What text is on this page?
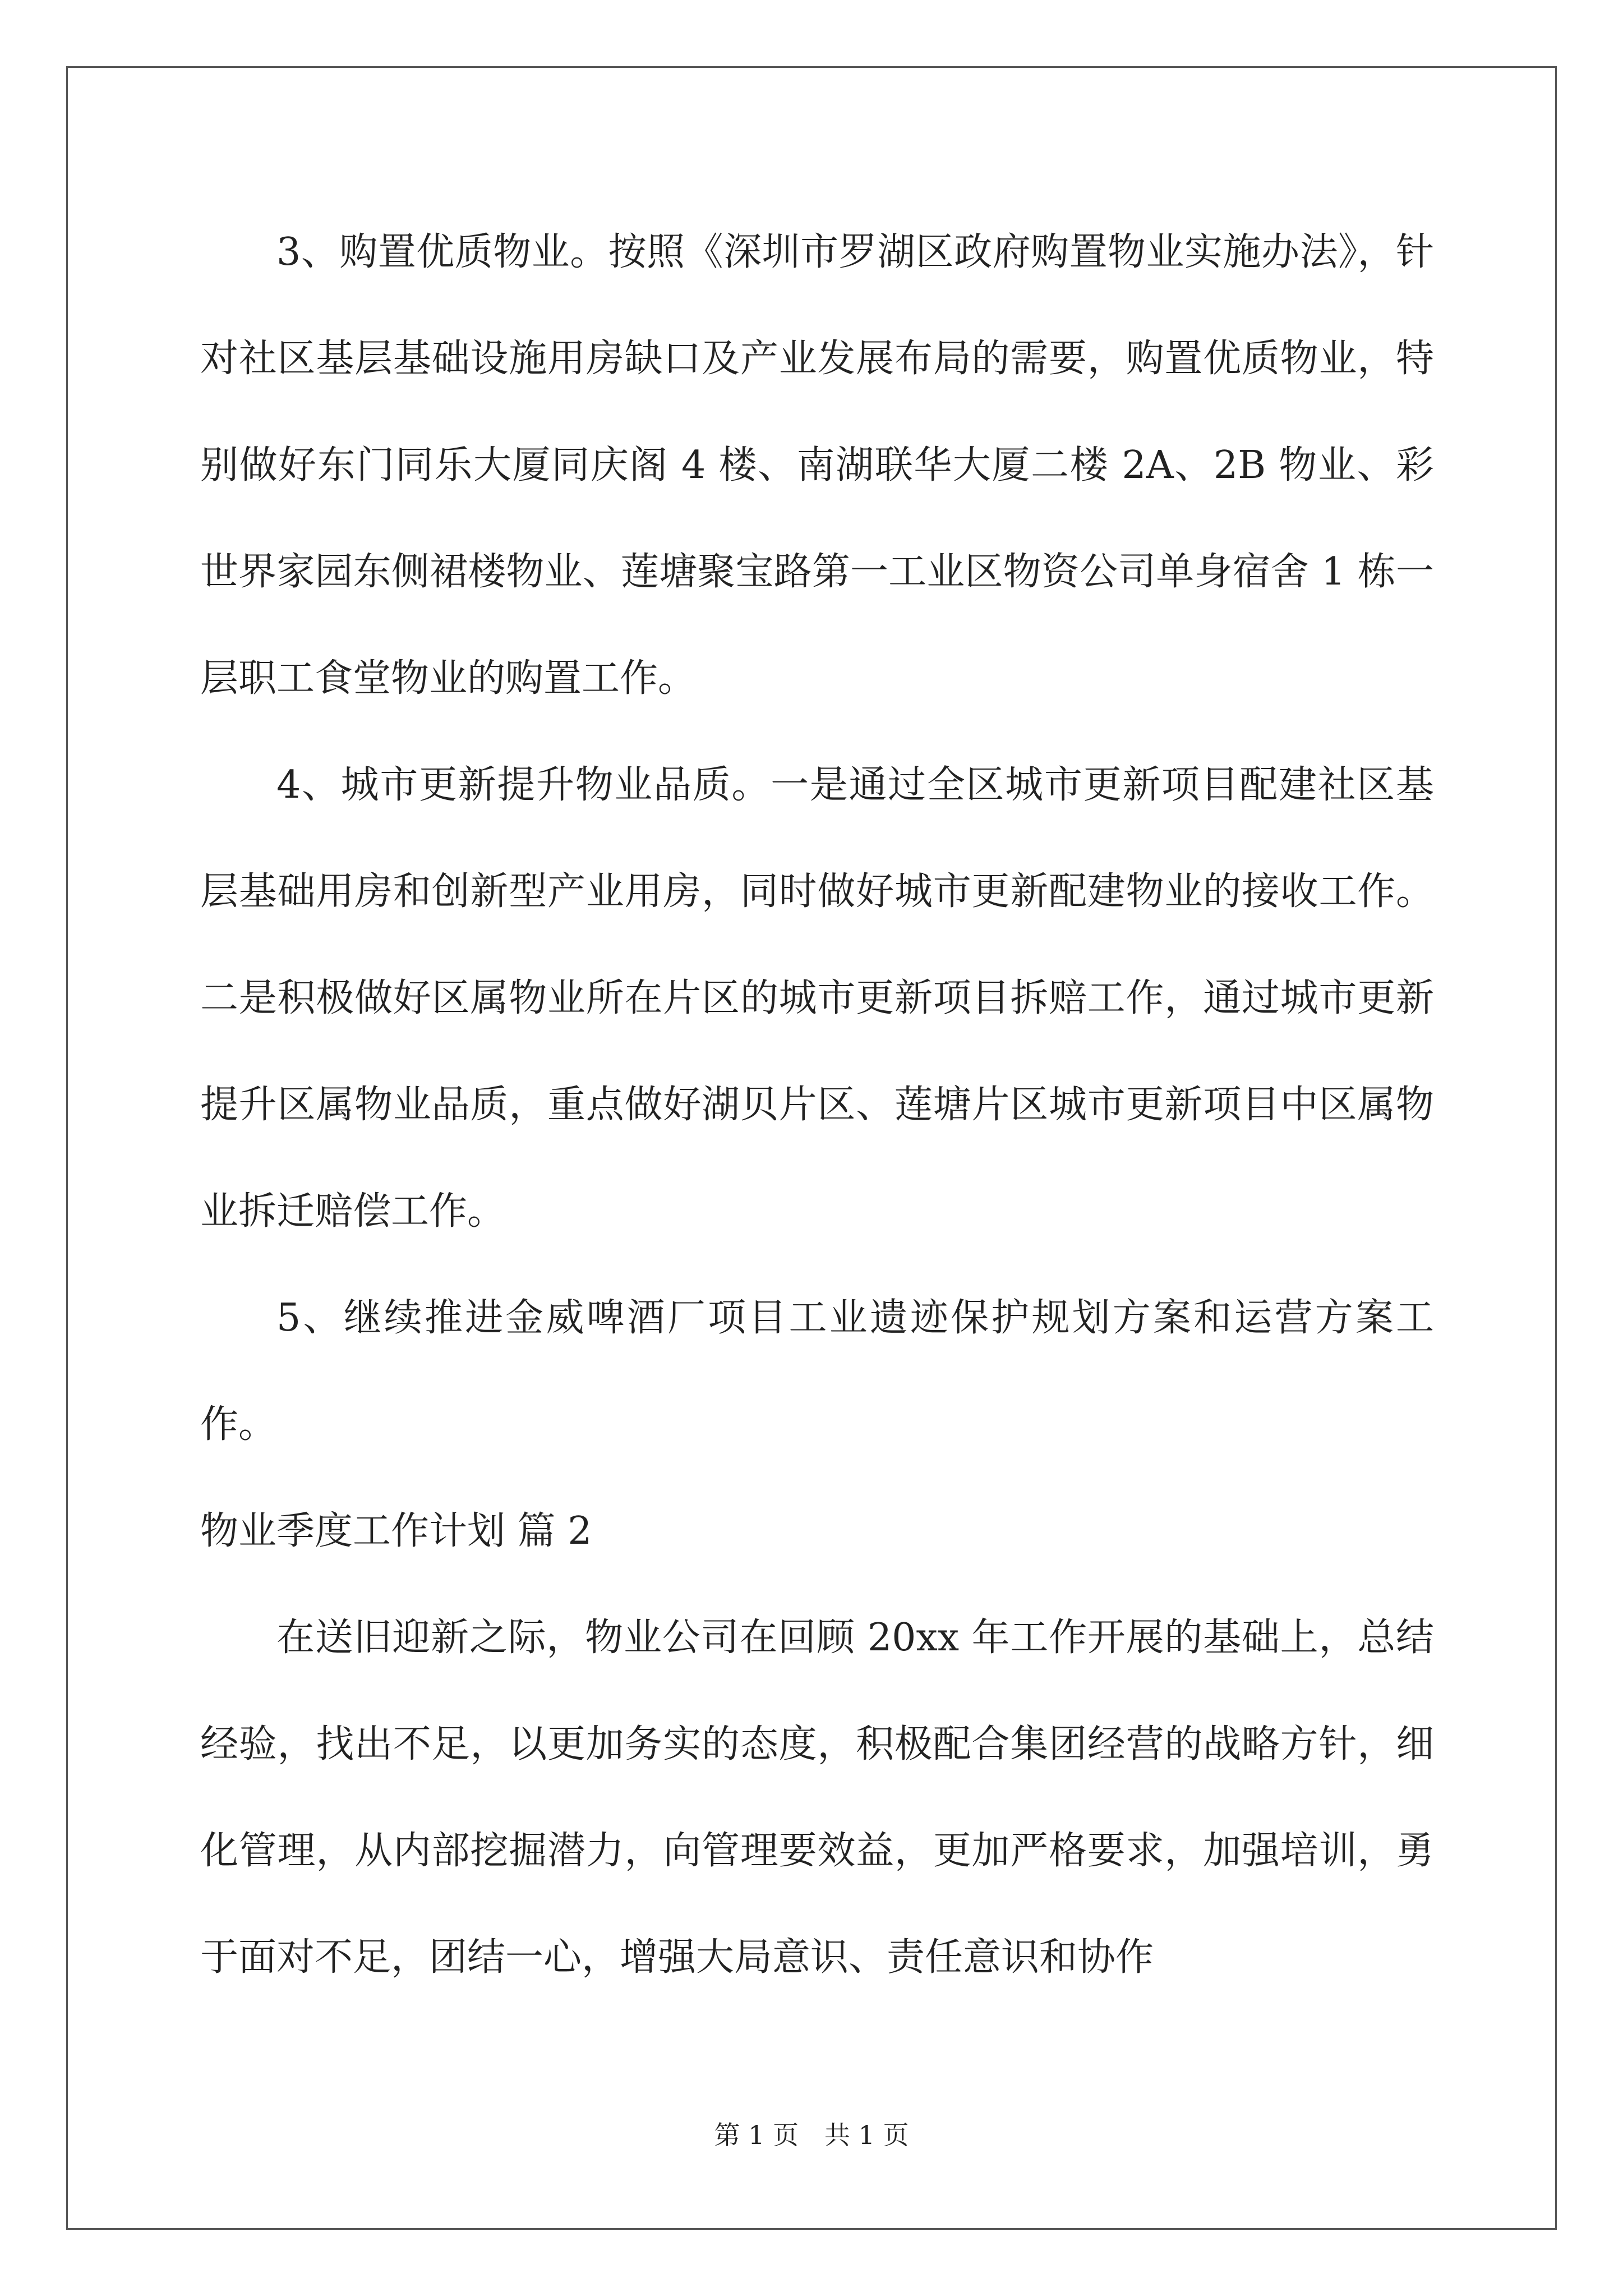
3、购置优质物业。按照《深圳市罗湖区政府购置物业实施办法》，针对社区基层基础设施用房缺口及产业发展布局的需要，购置优质物业，特别做好东门同乐大厦同庆阁 4 楼、南湖联华大厦二楼 2A、2B 物业、彩世界家园东侧裙楼物业、莲塘聚宝路第一工业区物资公司单身宿舍 1 栋一层职工食堂物业的购置工作。

4、城市更新提升物业品质。一是通过全区城市更新项目配建社区基层基础用房和创新型产业用房，同时做好城市更新配建物业的接收工作。二是积极做好区属物业所在片区的城市更新项目拆赔工作，通过城市更新提升区属物业品质，重点做好湖贝片区、莲塘片区城市更新项目中区属物业拆迁赔偿工作。

5、继续推进金威啤酒厂项目工业遗迹保护规划方案和运营方案工作。

物业季度工作计划 篇 2

在送旧迎新之际，物业公司在回顾 20xx 年工作开展的基础上，总结经验，找出不足，以更加务实的态度，积极配合集团经营的战略方针，细化管理，从内部挖掘潜力，向管理要效益，更加严格要求，加强培训，勇于面对不足，团结一心，增强大局意识、责任意识和协作

第 1 页　共 1 页
